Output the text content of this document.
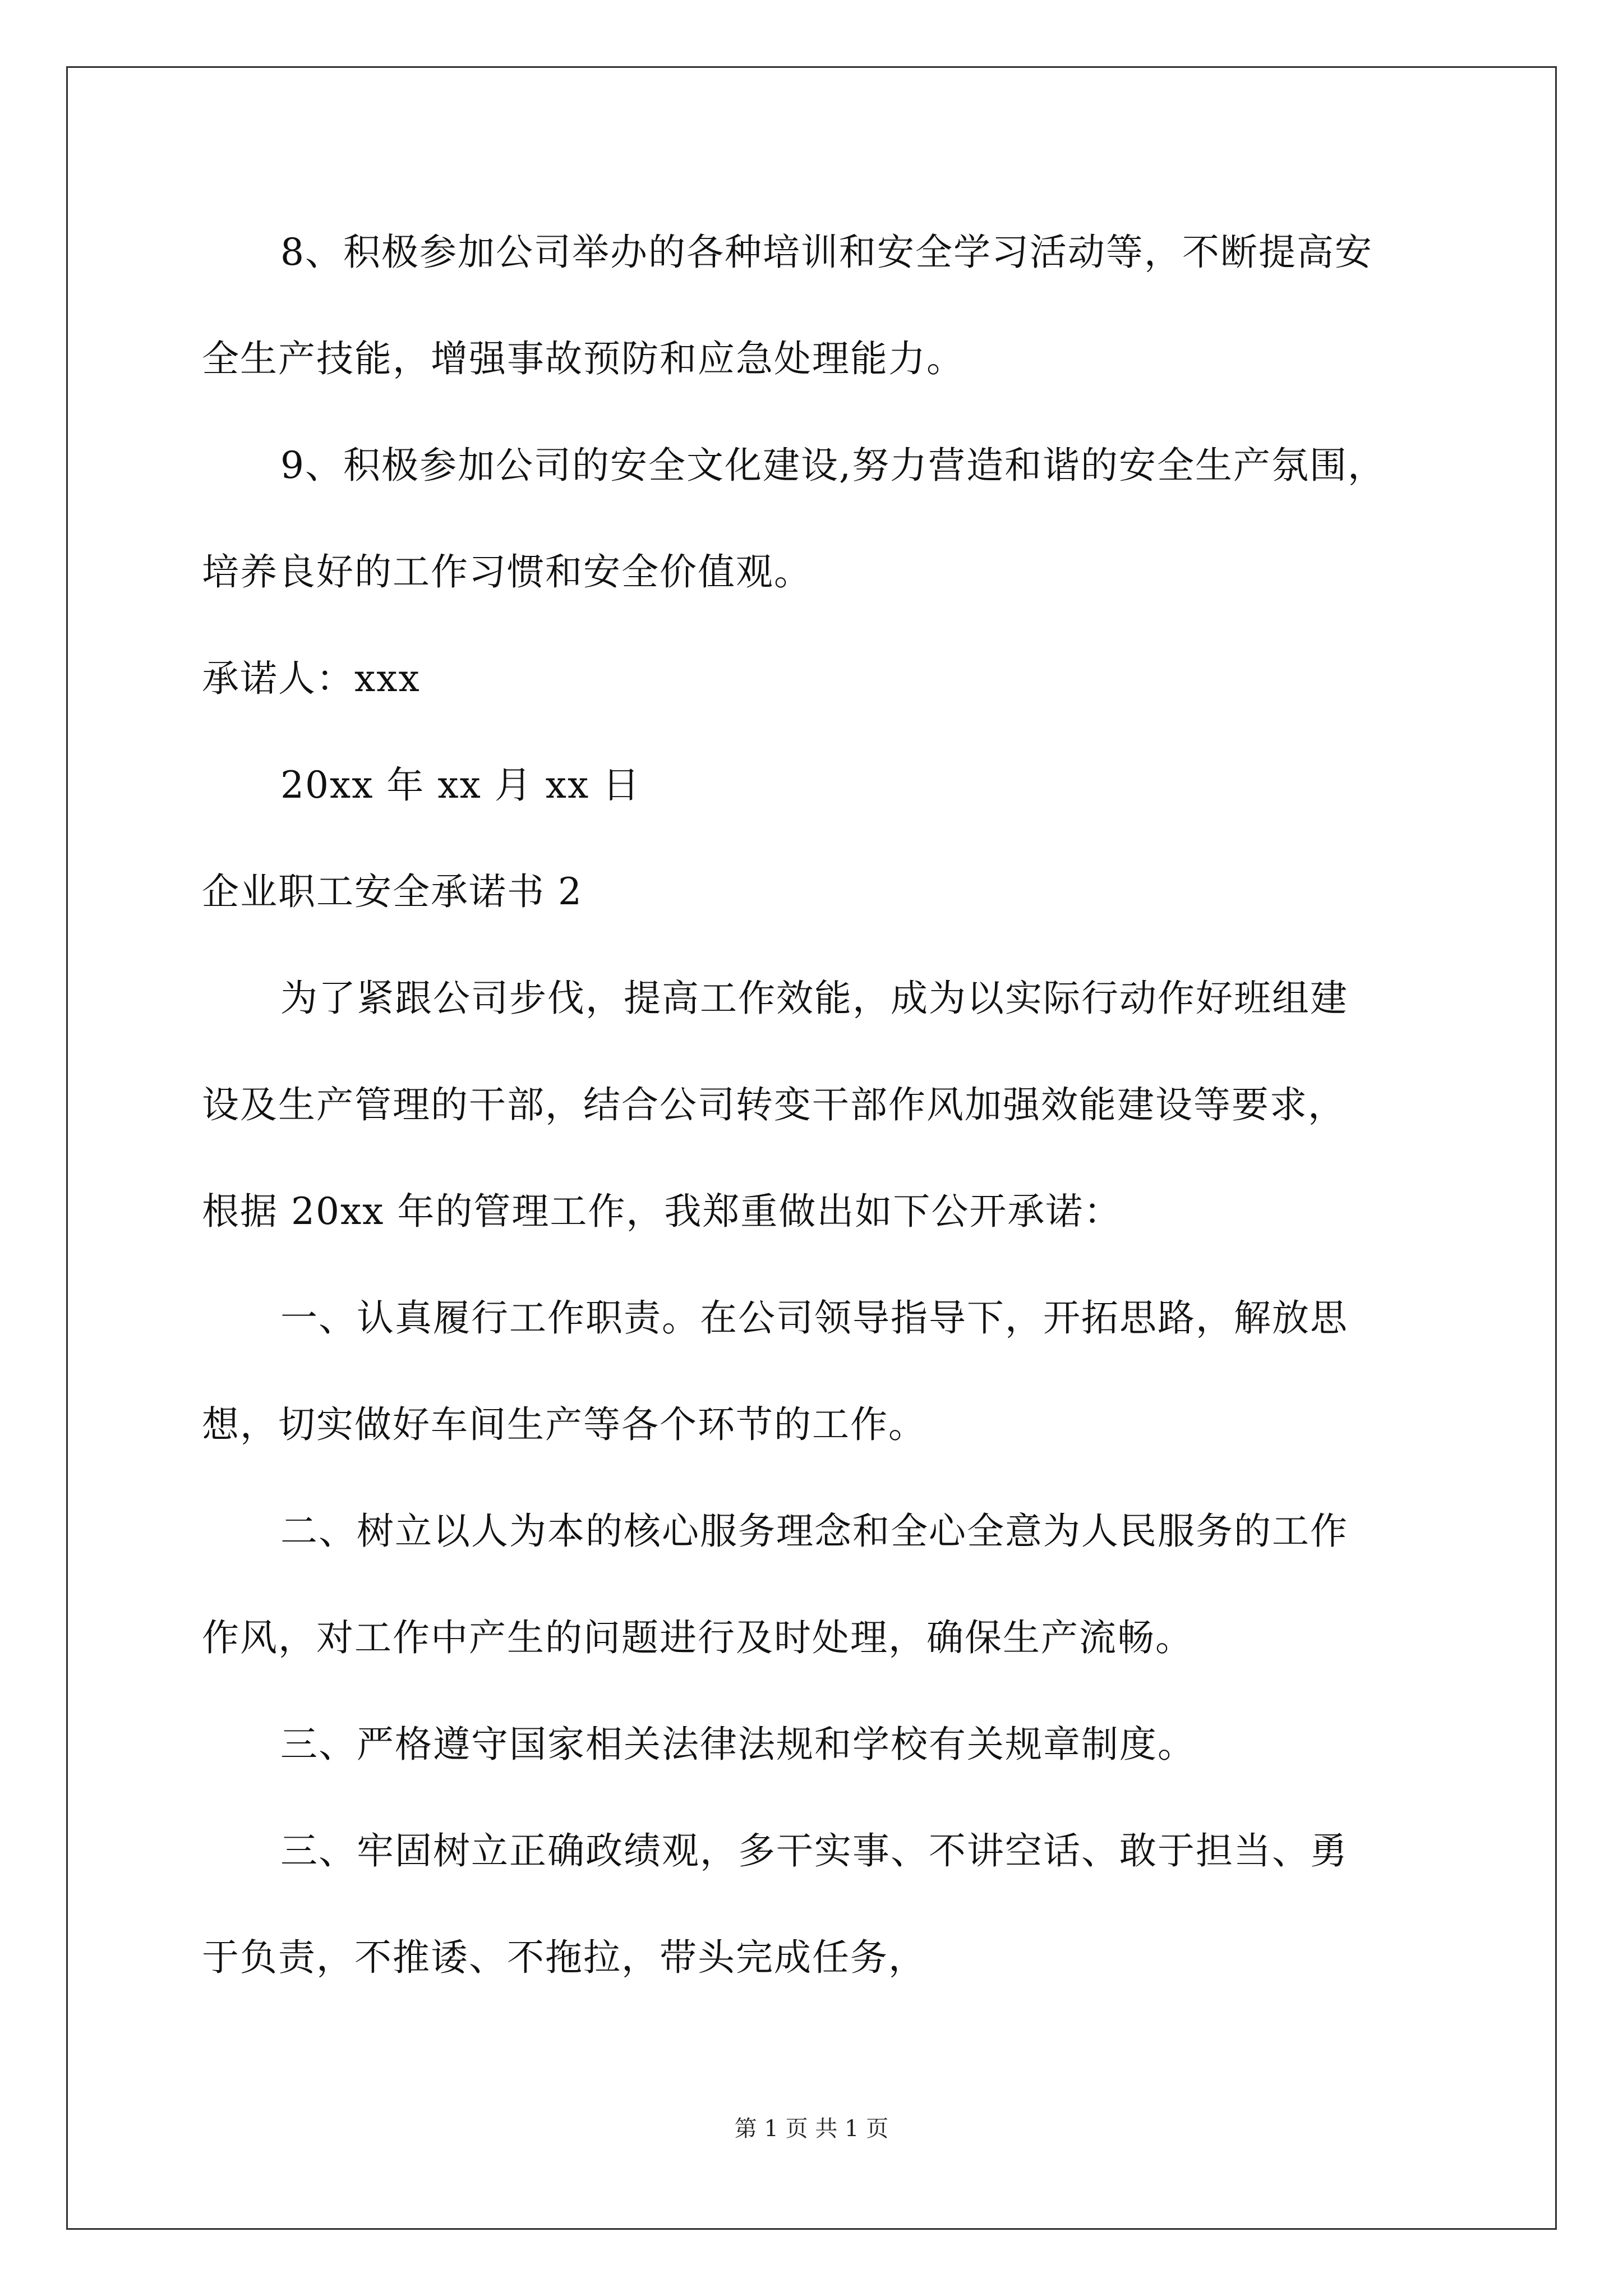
8、积极参加公司举办的各种培训和安全学习活动等，不断提高安
全生产技能，增强事故预防和应急处理能力。
9、积极参加公司的安全文化建设,努力营造和谐的安全生产氛围，
培养良好的工作习惯和安全价值观。
承诺人：xxx
20xx 年 xx 月 xx 日
企业职工安全承诺书 2
为了紧跟公司步伐，提高工作效能，成为以实际行动作好班组建
设及生产管理的干部，结合公司转变干部作风加强效能建设等要求，
根据 20xx 年的管理工作，我郑重做出如下公开承诺：
一、认真履行工作职责。在公司领导指导下，开拓思路，解放思
想，切实做好车间生产等各个环节的工作。
二、树立以人为本的核心服务理念和全心全意为人民服务的工作
作风，对工作中产生的问题进行及时处理，确保生产流畅。
三、严格遵守国家相关法律法规和学校有关规章制度。
三、牢固树立正确政绩观，多干实事、不讲空话、敢于担当、勇
于负责，不推诿、不拖拉，带头完成任务，
第 1 页 共 1 页
